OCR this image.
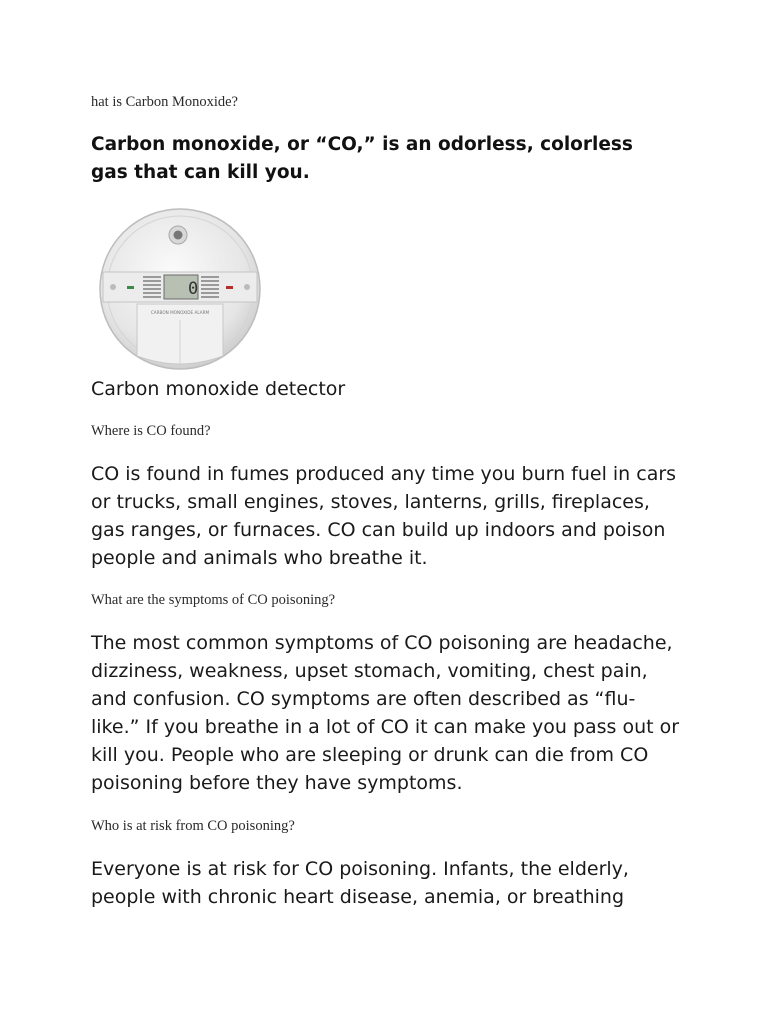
hat is Carbon Monoxide?
Carbon monoxide, or “CO,” is an odorless, colorless gas that can kill you.
0
CARBON MONOXIDE ALARM
Carbon monoxide detector
Where is CO found?
CO is found in fumes produced any time you burn fuel in cars or trucks, small engines, stoves, lanterns, grills, fireplaces, gas ranges, or furnaces. CO can build up indoors and poison people and animals who breathe it.
What are the symptoms of CO poisoning?
The most common symptoms of CO poisoning are headache, dizziness, weakness, upset stomach, vomiting, chest pain, and confusion. CO symptoms are often described as “flu-like.” If you breathe in a lot of CO it can make you pass out or kill you. People who are sleeping or drunk can die from CO poisoning before they have symptoms.
Who is at risk from CO poisoning?
Everyone is at risk for CO poisoning. Infants, the elderly, people with chronic heart disease, anemia, or breathing
